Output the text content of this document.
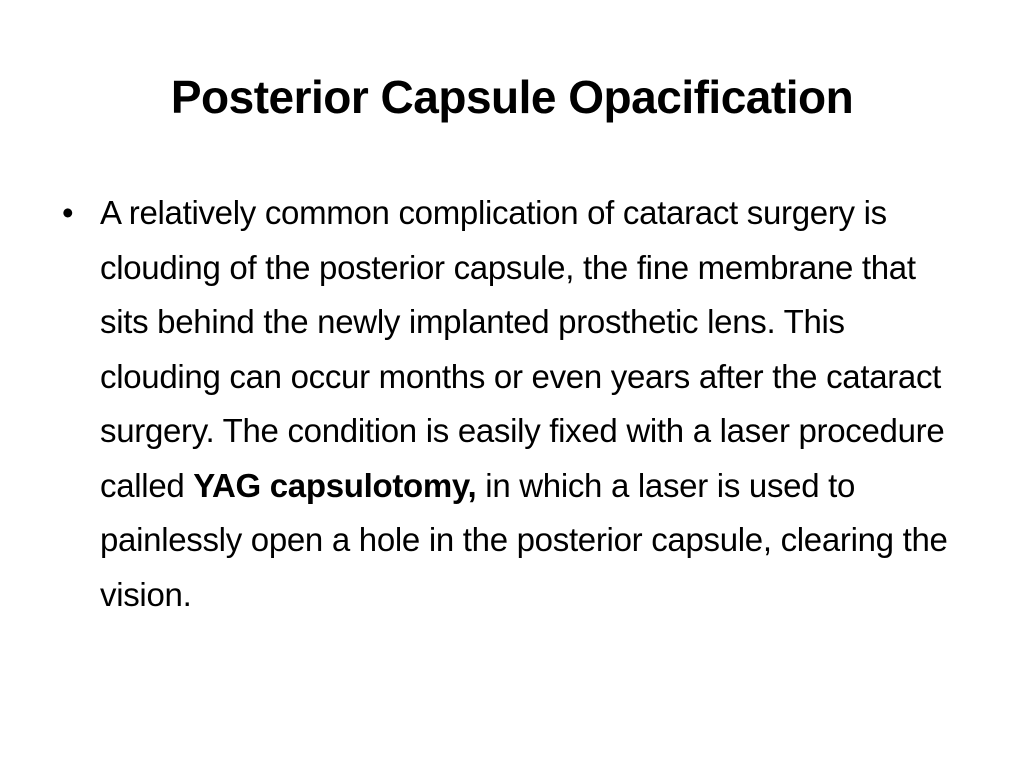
Posterior Capsule Opacification
• A relatively common complication of cataract surgery is clouding of the posterior capsule, the fine membrane that sits behind the newly implanted prosthetic lens. This clouding can occur months or even years after the cataract surgery. The condition is easily fixed with a laser procedure called YAG capsulotomy, in which a laser is used to painlessly open a hole in the posterior capsule, clearing the vision.
